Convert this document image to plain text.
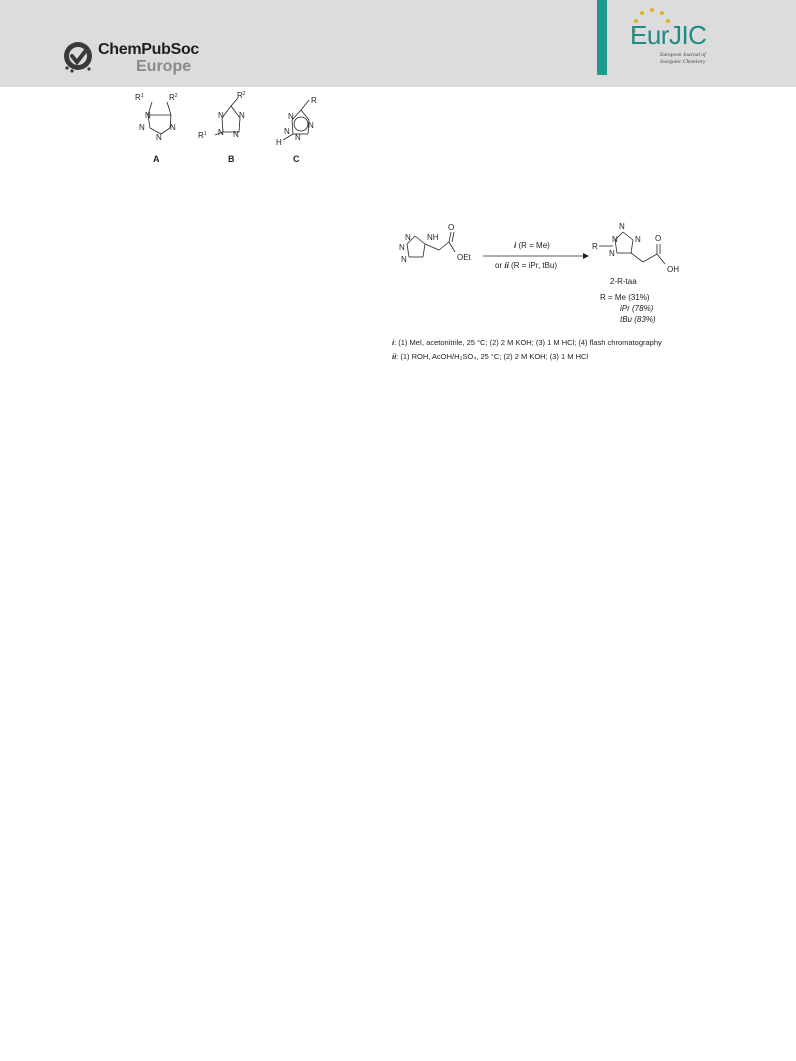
ChemPubSoc
Europe
EurJIC
European Journal of Inorganic Chemistry
$R^1$	$R^2$
N
N
N
N
$R^2$
N N
N N
$R^1$
R
N
N
N
N
H
A	B	C
N NH
N
N
O
OEt
i (R = Me)
or ii (R = iPr, tBu)
N
N
N
N
R
O
OH
2-R-taa
R = Me (31%)
iPr (78%)
tBu (83%)
i: (1) MeI, acetonitrile, 25 °C; (2) 2 M KOH; (3) 1 M HCl; (4) flash chromatography
ii: (1) ROH, AcOH/H₂SO₄, 25 °C; (2) 2 M KOH; (3) 1 M HCl
